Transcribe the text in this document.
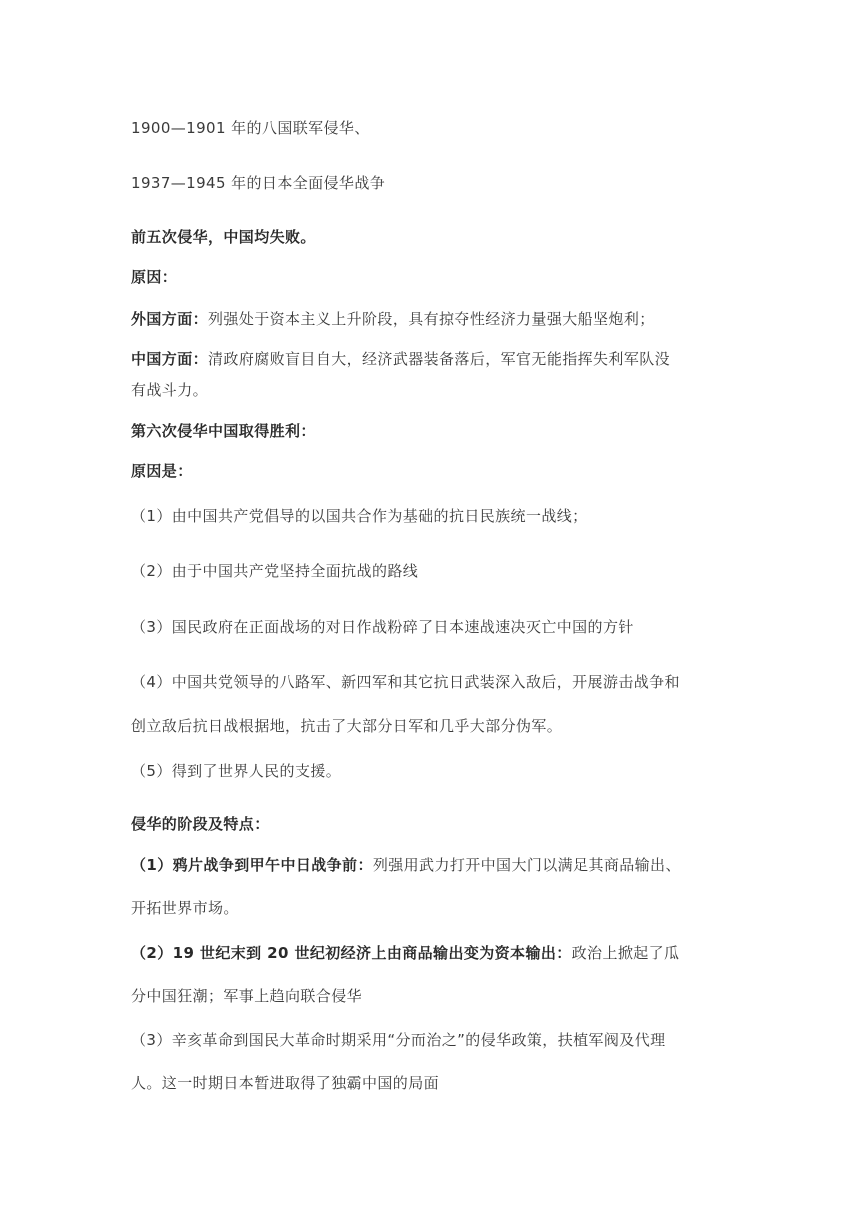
1900—1901 年的八国联军侵华、
1937—1945 年的日本全面侵华战争
前五次侵华，中国均失败。
原因：
外国方面：列强处于资本主义上升阶段，具有掠夺性经济力量强大船坚炮利；
中国方面：清政府腐败盲目自大，经济武器装备落后，军官无能指挥失利军队没
有战斗力。
第六次侵华中国取得胜利：
原因是：
（1）由中国共产党倡导的以国共合作为基础的抗日民族统一战线；
（2）由于中国共产党坚持全面抗战的路线
（3）国民政府在正面战场的对日作战粉碎了日本速战速决灭亡中国的方针
（4）中国共党领导的八路军、新四军和其它抗日武装深入敌后，开展游击战争和
创立敌后抗日战根据地，抗击了大部分日军和几乎大部分伪军。
（5）得到了世界人民的支援。
侵华的阶段及特点：
（1）鸦片战争到甲午中日战争前：列强用武力打开中国大门以满足其商品输出、
开拓世界市场。
（2）19 世纪末到 20 世纪初经济上由商品输出变为资本输出：政治上掀起了瓜
分中国狂潮；军事上趋向联合侵华
（3）辛亥革命到国民大革命时期采用“分而治之”的侵华政策，扶植军阀及代理
人。这一时期日本暂进取得了独霸中国的局面
